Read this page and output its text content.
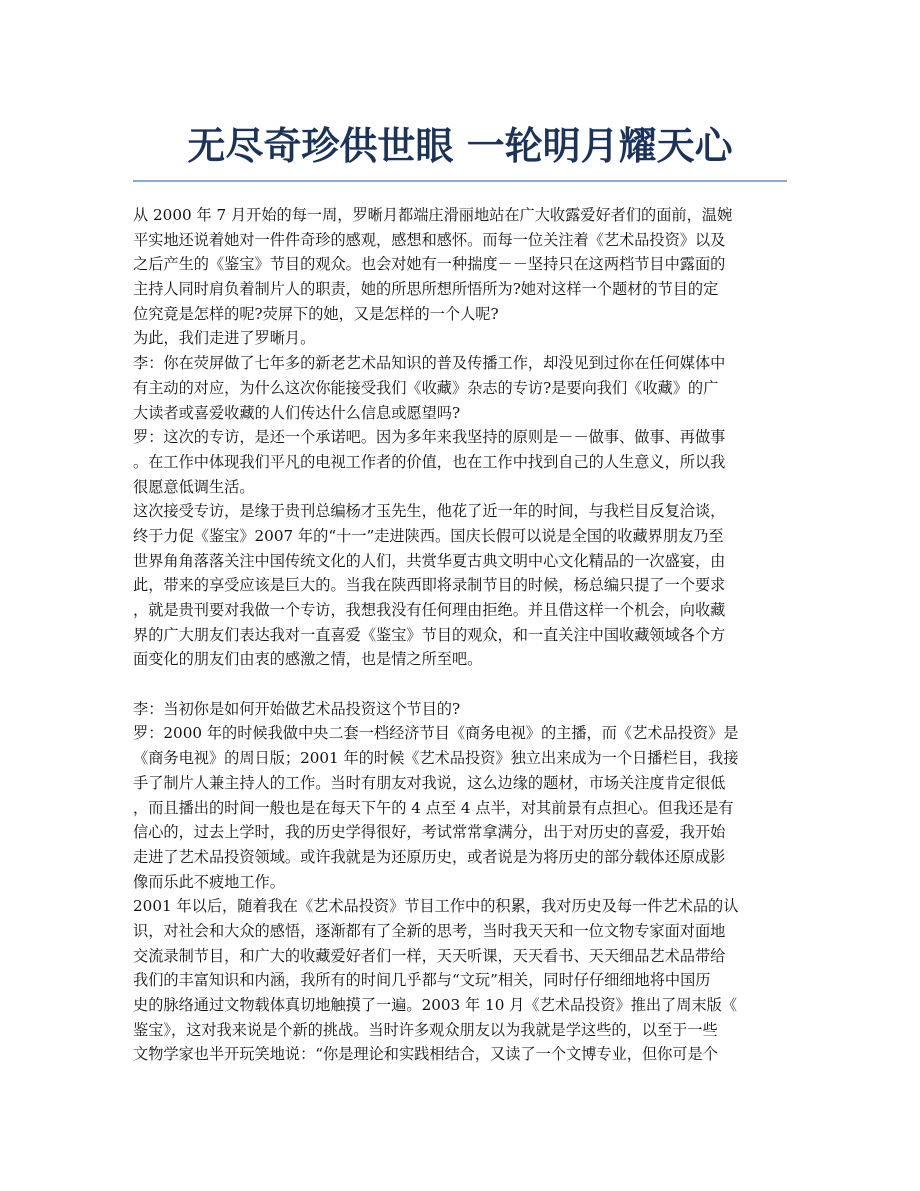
无尽奇珍供世眼 一轮明月耀天心
从 2000 年 7 月开始的每一周，罗晰月都端庄滑丽地站在广大收露爱好者们的面前，温婉
平实地还说着她对一件件奇珍的感观，感想和感怀。而每一位关注着《艺术品投资》以及
之后产生的《鉴宝》节目的观众。也会对她有一种揣度－－坚持只在这两档节目中露面的
主持人同时肩负着制片人的职责，她的所思所想所悟所为?她对这样一个题材的节目的定
位究竟是怎样的呢?荧屏下的她，又是怎样的一个人呢?
为此，我们走进了罗晰月。
李：你在荧屏做了七年多的新老艺术品知识的普及传播工作，却没见到过你在任何媒体中
有主动的对应，为什么这次你能接受我们《收藏》杂志的专访?是要向我们《收藏》的广
大读者或喜爱收藏的人们传达什么信息或愿望吗?
罗：这次的专访，是还一个承诺吧。因为多年来我坚持的原则是－－做事、做事、再做事
。在工作中体现我们平凡的电视工作者的价值，也在工作中找到自己的人生意义，所以我
很愿意低调生活。
这次接受专访，是缘于贵刊总编杨才玉先生，他花了近一年的时间，与我栏目反复洽谈，
终于力促《鉴宝》2007 年的“十一”走进陕西。国庆长假可以说是全国的收藏界朋友乃至
世界角角落落关注中国传统文化的人们，共赏华夏古典文明中心文化精品的一次盛宴，由
此，带来的享受应该是巨大的。当我在陕西即将录制节目的时候，杨总编只提了一个要求
，就是贵刊要对我做一个专访，我想我没有任何理由拒绝。并且借这样一个机会，向收藏
界的广大朋友们表达我对一直喜爱《鉴宝》节目的观众，和一直关注中国收藏领域各个方
面变化的朋友们由衷的感激之情，也是情之所至吧。
李：当初你是如何开始做艺术品投资这个节目的?
罗：2000 年的时候我做中央二套一档经济节目《商务电视》的主播，而《艺术品投资》是
《商务电视》的周日版；2001 年的时候《艺术品投资》独立出来成为一个日播栏目，我接
手了制片人兼主持人的工作。当时有朋友对我说，这么边缘的题材，市场关注度肯定很低
，而且播出的时间一般也是在每天下午的 4 点至 4 点半，对其前景有点担心。但我还是有
信心的，过去上学时，我的历史学得很好，考试常常拿满分，出于对历史的喜爱，我开始
走进了艺术品投资领域。或许我就是为还原历史，或者说是为将历史的部分载体还原成影
像而乐此不疲地工作。
2001 年以后，随着我在《艺术品投资》节目工作中的积累，我对历史及每一件艺术品的认
识，对社会和大众的感悟，逐渐都有了全新的思考，当时我天天和一位文物专家面对面地
交流录制节目，和广大的收藏爱好者们一样，天天听课，天天看书、天天细品艺术品带给
我们的丰富知识和内涵，我所有的时间几乎都与“文玩”相关，同时仔仔细细地将中国历
史的脉络通过文物载体真切地触摸了一遍。2003 年 10 月《艺术品投资》推出了周末版《
鉴宝》，这对我来说是个新的挑战。当时许多观众朋友以为我就是学这些的，以至于一些
文物学家也半开玩笑地说：“你是理论和实践相结合，又读了一个文博专业，但你可是个
